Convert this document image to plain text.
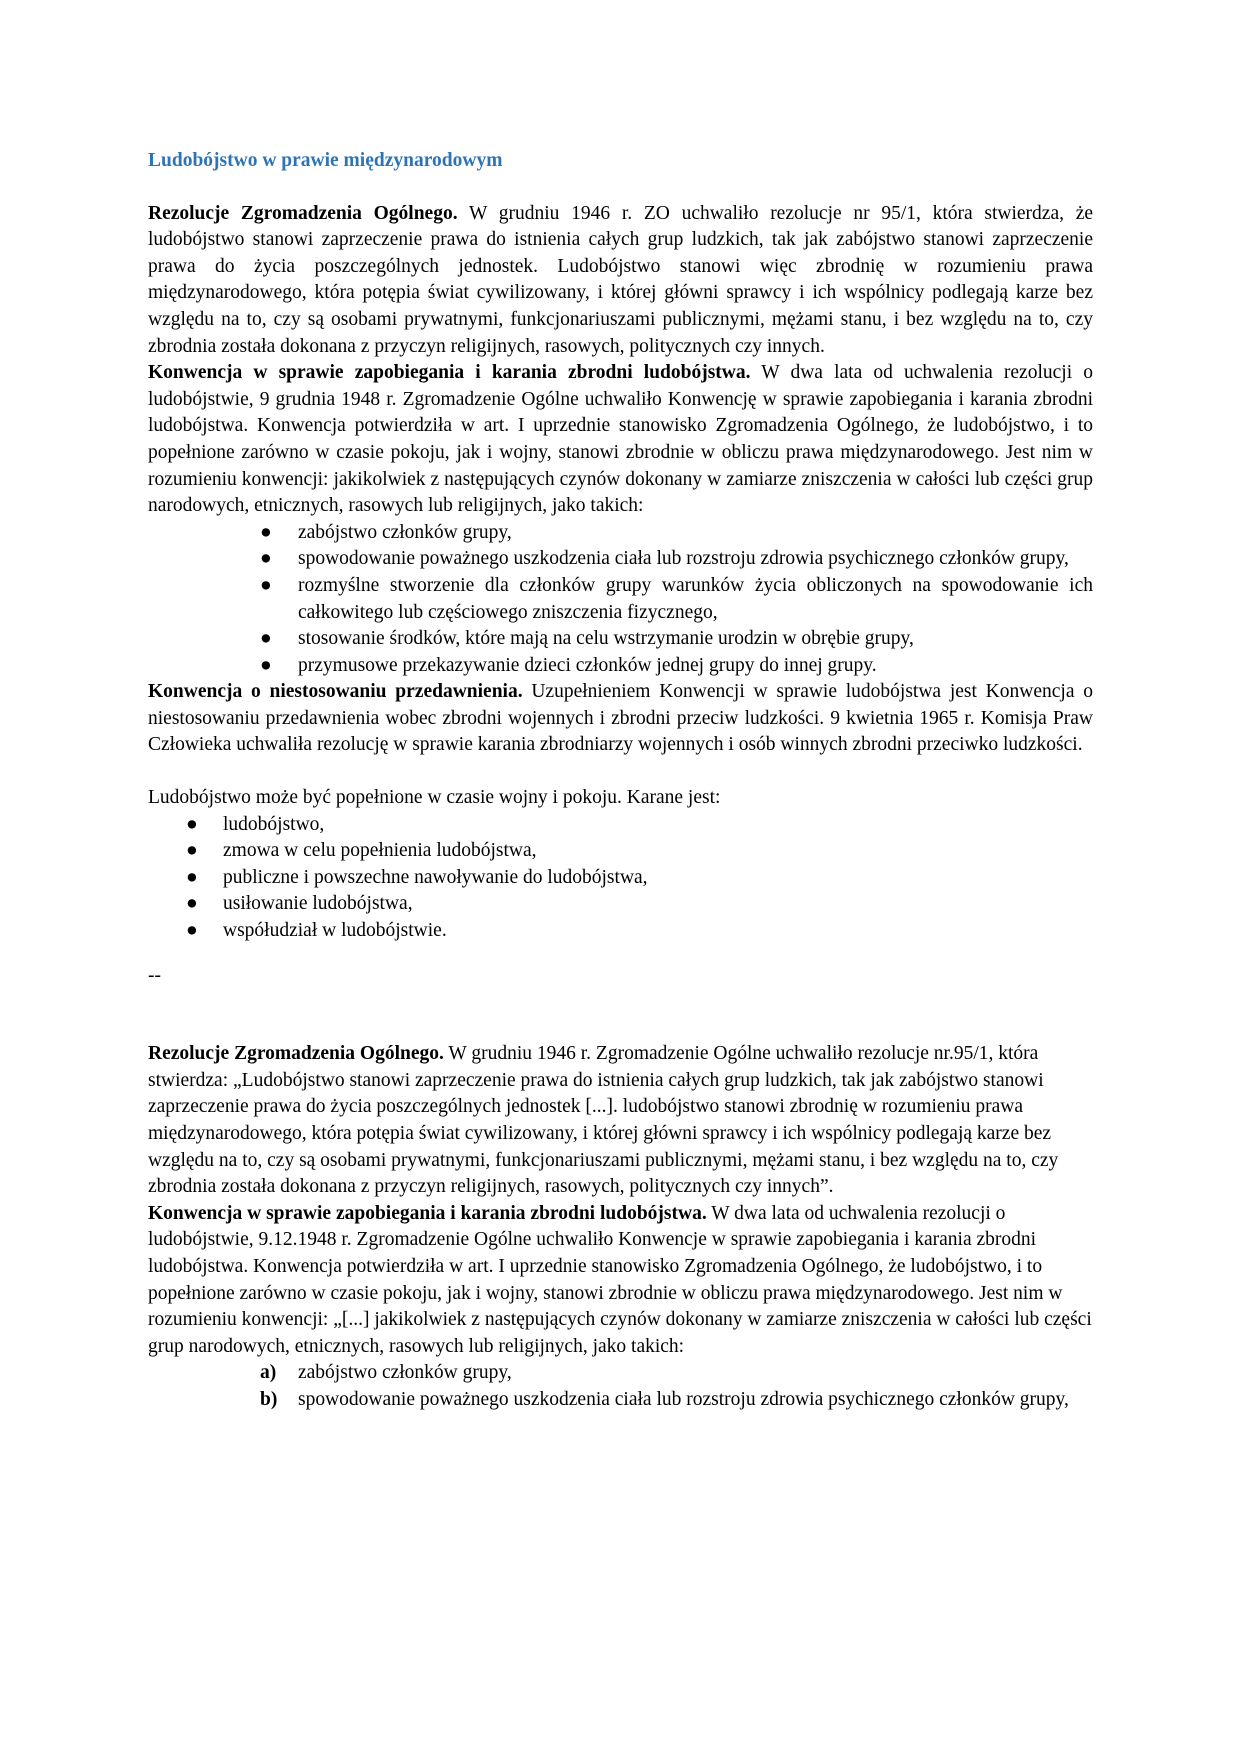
Ludobójstwo w prawie międzynarodowym

Rezolucje Zgromadzenia Ogólnego. W grudniu 1946 r. ZO uchwaliło rezolucje nr 95/1, która stwierdza, że ludobójstwo stanowi zaprzeczenie prawa do istnienia całych grup ludzkich, tak jak zabójstwo stanowi zaprzeczenie prawa do życia poszczególnych jednostek. Ludobójstwo stanowi więc zbrodnię w rozumieniu prawa międzynarodowego, która potępia świat cywilizowany, i której główni sprawcy i ich wspólnicy podlegają karze bez względu na to, czy są osobami prywatnymi, funkcjonariuszami publicznymi, mężami stanu, i bez względu na to, czy zbrodnia została dokonana z przyczyn religijnych, rasowych, politycznych czy innych.

Konwencja w sprawie zapobiegania i karania zbrodni ludobójstwa. W dwa lata od uchwalenia rezolucji o ludobójstwie, 9 grudnia 1948 r. Zgromadzenie Ogólne uchwaliło Konwencję w sprawie zapobiegania i karania zbrodni ludobójstwa. Konwencja potwierdziła w art. I uprzednie stanowisko Zgromadzenia Ogólnego, że ludobójstwo, i to popełnione zarówno w czasie pokoju, jak i wojny, stanowi zbrodnie w obliczu prawa międzynarodowego. Jest nim w rozumieniu konwencji: jakikolwiek z następujących czynów dokonany w zamiarze zniszczenia w całości lub części grup narodowych, etnicznych, rasowych lub religijnych, jako takich:

● zabójstwo członków grupy,
● spowodowanie poważnego uszkodzenia ciała lub rozstroju zdrowia psychicznego członków grupy,
● rozmyślne stworzenie dla członków grupy warunków życia obliczonych na spowodowanie ich całkowitego lub częściowego zniszczenia fizycznego,
● stosowanie środków, które mają na celu wstrzymanie urodzin w obrębie grupy,
● przymusowe przekazywanie dzieci członków jednej grupy do innej grupy.

Konwencja o niestosowaniu przedawnienia. Uzupełnieniem Konwencji w sprawie ludobójstwa jest Konwencja o niestosowaniu przedawnienia wobec zbrodni wojennych i zbrodni przeciw ludzkości. 9 kwietnia 1965 r. Komisja Praw Człowieka uchwaliła rezolucję w sprawie karania zbrodniarzy wojennych i osób winnych zbrodni przeciwko ludzkości.

Ludobójstwo może być popełnione w czasie wojny i pokoju. Karane jest:

● ludobójstwo,
● zmowa w celu popełnienia ludobójstwa,
● publiczne i powszechne nawoływanie do ludobójstwa,
● usiłowanie ludobójstwa,
● współudział w ludobójstwie.
--

Rezolucje Zgromadzenia Ogólnego. W grudniu 1946 r. Zgromadzenie Ogólne uchwaliło rezolucje nr.95/1, która stwierdza: „Ludobójstwo stanowi zaprzeczenie prawa do istnienia całych grup ludzkich, tak jak zabójstwo stanowi zaprzeczenie prawa do życia poszczególnych jednostek [...]. ludobójstwo stanowi zbrodnię w rozumieniu prawa międzynarodowego, która potępia świat cywilizowany, i której główni sprawcy i ich wspólnicy podlegają karze bez względu na to, czy są osobami prywatnymi, funkcjonariuszami publicznymi, mężami stanu, i bez względu na to, czy zbrodnia została dokonana z przyczyn religijnych, rasowych, politycznych czy innych”.

Konwencja w sprawie zapobiegania i karania zbrodni ludobójstwa. W dwa lata od uchwalenia rezolucji o ludobójstwie, 9.12.1948 r. Zgromadzenie Ogólne uchwaliło Konwencje w sprawie zapobiegania i karania zbrodni ludobójstwa. Konwencja potwierdziła w art. I uprzednie stanowisko Zgromadzenia Ogólnego, że ludobójstwo, i to popełnione zarówno w czasie pokoju, jak i wojny, stanowi zbrodnie w obliczu prawa międzynarodowego. Jest nim w rozumieniu konwencji: „[...] jakikolwiek z następujących czynów dokonany w zamiarze zniszczenia w całości lub części grup narodowych, etnicznych, rasowych lub religijnych, jako takich:

a) zabójstwo członków grupy,
b) spowodowanie poważnego uszkodzenia ciała lub rozstroju zdrowia psychicznego członków grupy,
